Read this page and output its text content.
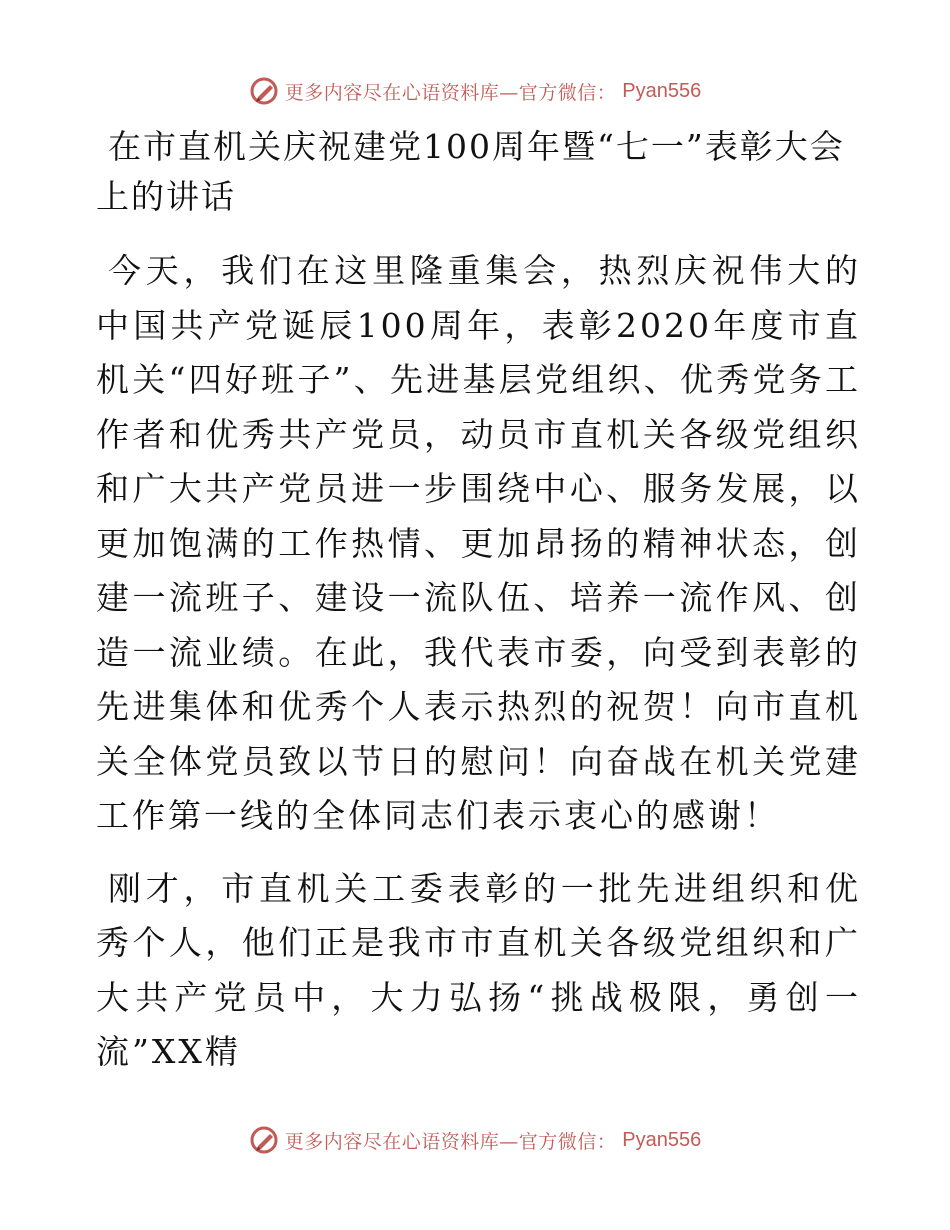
更多内容尽在心语资料库—官方微信： Pyan556
在市直机关庆祝建党100周年暨“七一”表彰大会上的讲话

今天，我们在这里隆重集会，热烈庆祝伟大的中国共产党诞辰100周年，表彰2020年度市直机关“四好班子”、先进基层党组织、优秀党务工作者和优秀共产党员，动员市直机关各级党组织和广大共产党员进一步围绕中心、服务发展，以更加饱满的工作热情、更加昂扬的精神状态，创建一流班子、建设一流队伍、培养一流作风、创造一流业绩。在此，我代表市委，向受到表彰的先进集体和优秀个人表示热烈的祝贺！向市直机关全体党员致以节日的慰问！向奋战在机关党建工作第一线的全体同志们表示衷心的感谢！

刚才，市直机关工委表彰的一批先进组织和优秀个人，他们正是我市市直机关各级党组织和广大共产党员中，大力弘扬“挑战极限，勇创一流”XX精

更多内容尽在心语资料库—官方微信： Pyan556
